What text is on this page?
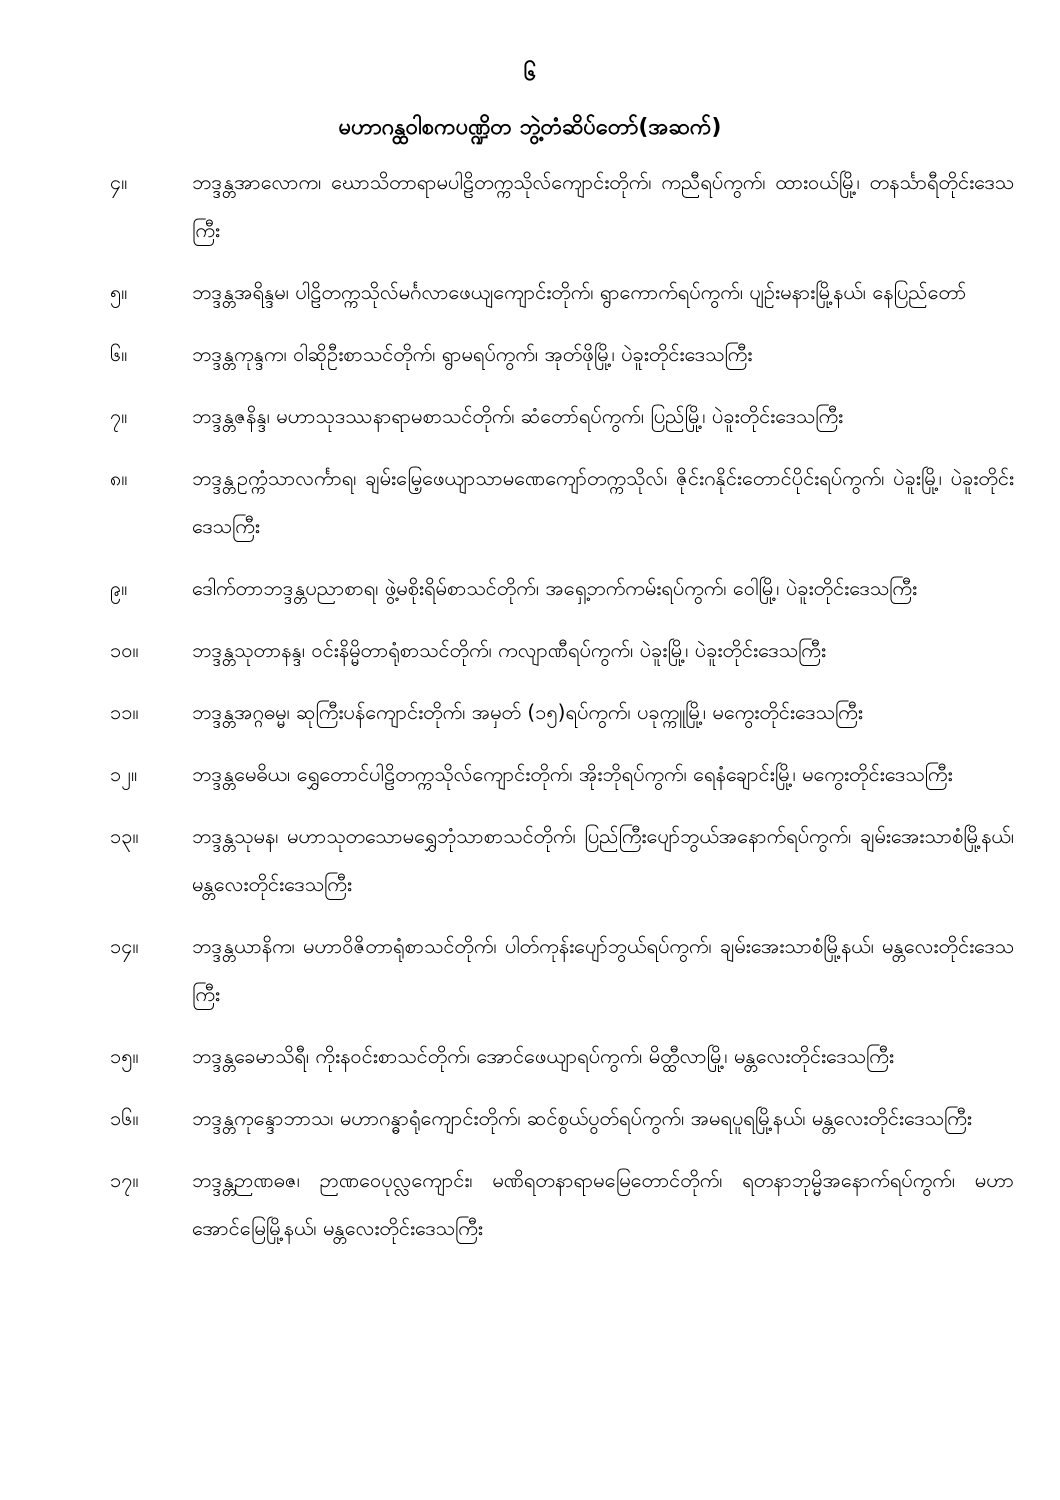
၆
မဟာဂန္ထဝါစကပဏ္ဍိတ ဘွဲ့တံဆိပ်တော်(အဆက်)
၄။	ဘဒ္ဒန္တအာလောက၊ ဃောသိတာရာမပါဠိတက္ကသိုလ်ကျောင်းတိုက်၊ ကညီရပ်ကွက်၊ ထားဝယ်မြို့၊ တနင်္သာရီတိုင်းဒေသကြီး
၅။	ဘဒ္ဒန္တအရိန္ဒမ၊ ပါဠိတက္ကသိုလ်မင်္ဂလာဖေယျကျောင်းတိုက်၊ ရွာကောက်ရပ်ကွက်၊ ပျဉ်းမနားမြို့နယ်၊ နေပြည်တော်
၆။	ဘဒ္ဒန္တကုန္ဒက၊ ဝါဆိုဦးစာသင်တိုက်၊ ရွာမရပ်ကွက်၊ အုတ်ဖိုမြို့၊ ပဲခူးတိုင်းဒေသကြီး
၇။	ဘဒ္ဒန္တဇနိန္ဒ၊ မဟာသုဒဿနာရာမစာသင်တိုက်၊ ဆံတော်ရပ်ကွက်၊ ပြည်မြို့၊ ပဲခူးတိုင်းဒေသကြီး
၈။	ဘဒ္ဒန္တဥက္ကံသာလင်္ကာရ၊ ချမ်းမြေ့ဖေယျာသာမဏေကျော်တက္ကသိုလ်၊ ဇိုင်းဂနိုင်းတောင်ပိုင်းရပ်ကွက်၊ ပဲခူးမြို့၊ ပဲခူးတိုင်းဒေသကြီး
၉။	ဒေါက်တာဘဒ္ဒန္တပညာစာရ၊ ဖွဲ့မစိုးရိမ်စာသင်တိုက်၊ အရှေ့ဘက်ကမ်းရပ်ကွက်၊ ဝေါမြို့၊ ပဲခူးတိုင်းဒေသကြီး
၁၀။	ဘဒ္ဒန္တသုတာနန္ဒ၊ ဝင်းနိမ္မိတာရုံစာသင်တိုက်၊ ကလျာဏီရပ်ကွက်၊ ပဲခူးမြို့၊ ပဲခူးတိုင်းဒေသကြီး
၁၁။	ဘဒ္ဒန္တအဂ္ဂဓမ္မ၊ ဆုကြီးပန်ကျောင်းတိုက်၊ အမှတ် (၁၅)ရပ်ကွက်၊ ပခုက္ကူမြို့၊ မကွေးတိုင်းဒေသကြီး
၁၂။	ဘဒ္ဒန္တမေဓိယ၊ ရွှေတောင်ပါဠိတက္ကသိုလ်ကျောင်းတိုက်၊ အိုးဘိုရပ်ကွက်၊ ရေနံချောင်းမြို့၊ မကွေးတိုင်းဒေသကြီး
၁၃။	ဘဒ္ဒန္တသုမန၊ မဟာသုတသောမရွှေဘုံသာစာသင်တိုက်၊ ပြည်ကြီးပျော်ဘွယ်အနောက်ရပ်ကွက်၊ ချမ်းအေးသာစံမြို့နယ်၊ မန္တလေးတိုင်းဒေသကြီး
၁၄။	ဘဒ္ဒန္တယာနိက၊ မဟာဝိဇိတာရုံစာသင်တိုက်၊ ပါတ်ကုန်းပျော်ဘွယ်ရပ်ကွက်၊ ချမ်းအေးသာစံမြို့နယ်၊ မန္တလေးတိုင်းဒေသကြီး
၁၅။	ဘဒ္ဒန္တခေမာသိရီ၊ ကိုးနဝင်းစာသင်တိုက်၊ အောင်ဖေယျာရပ်ကွက်၊ မိတ္ထီလာမြို့၊ မန္တလေးတိုင်းဒေသကြီး
၁၆။	ဘဒ္ဒန္တကုန္ဒောဘာသ၊ မဟာဂန္ဓာရုံကျောင်းတိုက်၊ ဆင်စွယ်ပွတ်ရပ်ကွက်၊ အမရပူရမြို့နယ်၊ မန္တလေးတိုင်းဒေသကြီး
၁၇။	ဘဒ္ဒန္တဉာဏဓဇ၊ ဉာဏဝေပုလ္လကျောင်း၊ မဏိရတနာရာမမြေတောင်တိုက်၊ ရတနာဘုမ္မိအနောက်ရပ်ကွက်၊ မဟာအောင်မြေမြို့နယ်၊ မန္တလေးတိုင်းဒေသကြီး
